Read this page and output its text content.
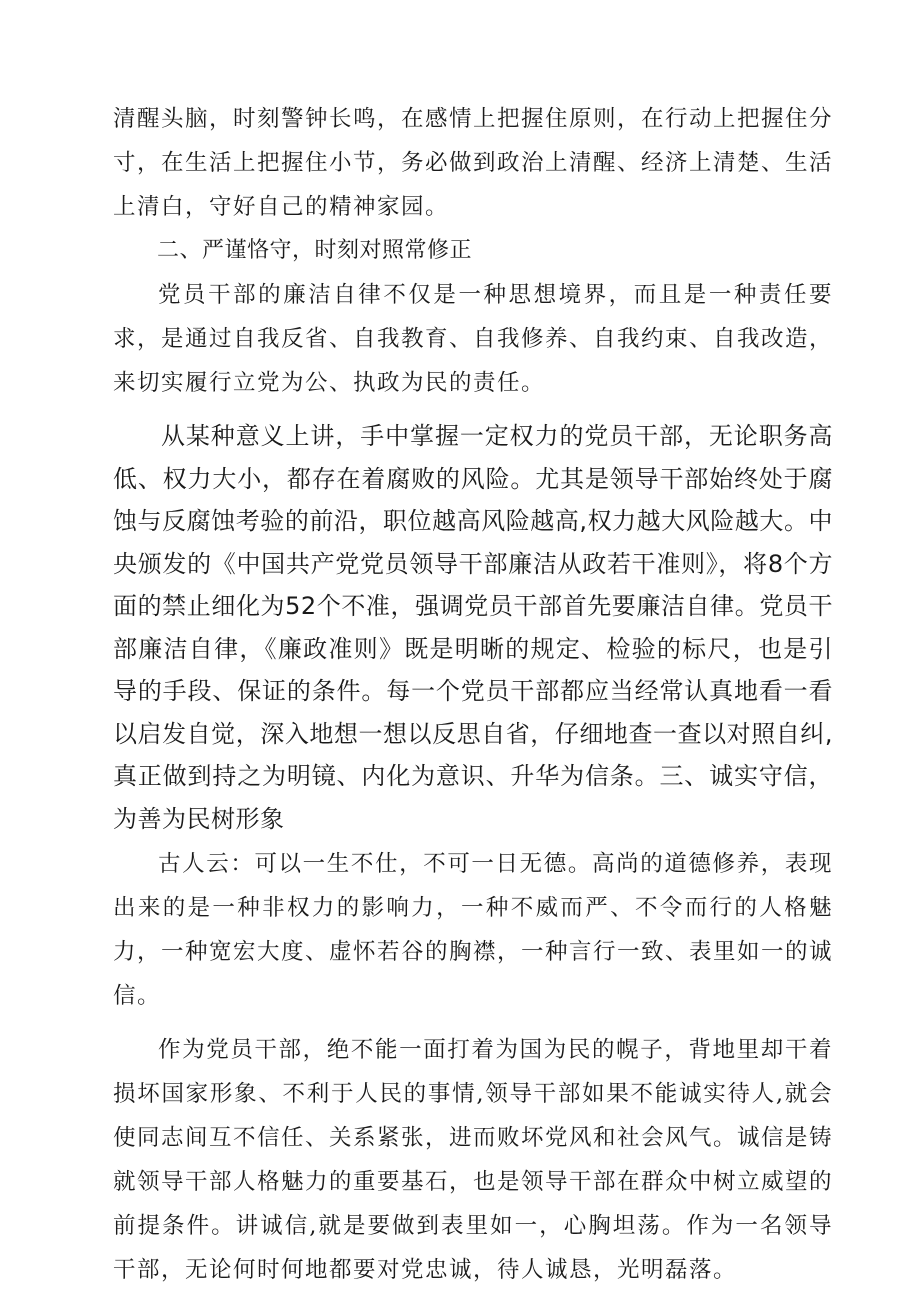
清醒头脑，时刻警钟长鸣，在感情上把握住原则，在行动上把握住分寸，在生活上把握住小节，务必做到政治上清醒、经济上清楚、生活上清白，守好自己的精神家园。

二、严谨恪守，时刻对照常修正

党员干部的廉洁自律不仅是一种思想境界，而且是一种责任要求，是通过自我反省、自我教育、自我修养、自我约束、自我改造，来切实履行立党为公、执政为民的责任。

从某种意义上讲，手中掌握一定权力的党员干部，无论职务高低、权力大小，都存在着腐败的风险。尤其是领导干部始终处于腐蚀与反腐蚀考验的前沿，职位越高风险越高,权力越大风险越大。中央颁发的《中国共产党党员领导干部廉洁从政若干准则》，将8个方面的禁止细化为52个不准，强调党员干部首先要廉洁自律。党员干部廉洁自律，《廉政准则》既是明晰的规定、检验的标尺，也是引导的手段、保证的条件。每一个党员干部都应当经常认真地看一看以启发自觉，深入地想一想以反思自省，仔细地查一查以对照自纠,真正做到持之为明镜、内化为意识、升华为信条。三、诚实守信，为善为民树形象

古人云：可以一生不仕，不可一日无德。高尚的道德修养，表现出来的是一种非权力的影响力，一种不威而严、不令而行的人格魅力，一种宽宏大度、虚怀若谷的胸襟，一种言行一致、表里如一的诚信。

作为党员干部，绝不能一面打着为国为民的幌子，背地里却干着损坏国家形象、不利于人民的事情,领导干部如果不能诚实待人,就会使同志间互不信任、关系紧张，进而败坏党风和社会风气。诚信是铸就领导干部人格魅力的重要基石，也是领导干部在群众中树立威望的前提条件。讲诚信,就是要做到表里如一，心胸坦荡。作为一名领导干部，无论何时何地都要对党忠诚，待人诚恳，光明磊落。
